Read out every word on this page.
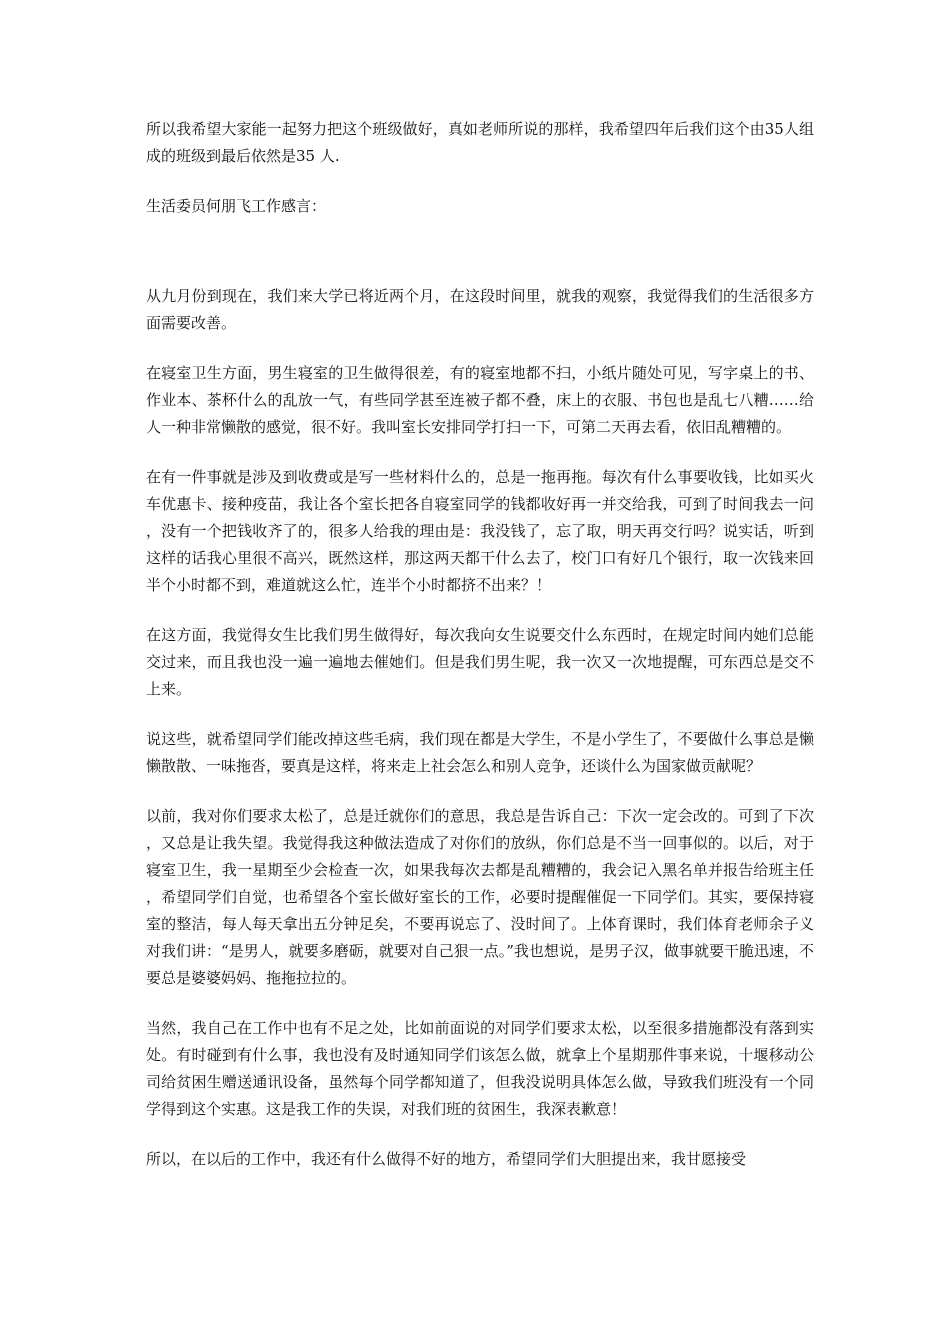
所以我希望大家能一起努力把这个班级做好，真如老师所说的那样，我希望四年后我们这个由35人组成的班级到最后依然是35 人.

生活委员何朋飞工作感言：

从九月份到现在，我们来大学已将近两个月，在这段时间里，就我的观察，我觉得我们的生活很多方面需要改善。

在寝室卫生方面，男生寝室的卫生做得很差，有的寝室地都不扫，小纸片随处可见，写字桌上的书、作业本、茶杯什么的乱放一气，有些同学甚至连被子都不叠，床上的衣服、书包也是乱七八糟……给人一种非常懒散的感觉，很不好。我叫室长安排同学打扫一下，可第二天再去看，依旧乱糟糟的。

在有一件事就是涉及到收费或是写一些材料什么的，总是一拖再拖。每次有什么事要收钱，比如买火车优惠卡、接种疫苗，我让各个室长把各自寝室同学的钱都收好再一并交给我，可到了时间我去一问，没有一个把钱收齐了的，很多人给我的理由是：我没钱了，忘了取，明天再交行吗？说实话，听到这样的话我心里很不高兴，既然这样，那这两天都干什么去了，校门口有好几个银行，取一次钱来回半个小时都不到，难道就这么忙，连半个小时都挤不出来？！

在这方面，我觉得女生比我们男生做得好，每次我向女生说要交什么东西时，在规定时间内她们总能交过来，而且我也没一遍一遍地去催她们。但是我们男生呢，我一次又一次地提醒，可东西总是交不上来。

说这些，就希望同学们能改掉这些毛病，我们现在都是大学生，不是小学生了，不要做什么事总是懒懒散散、一味拖沓，要真是这样，将来走上社会怎么和别人竞争，还谈什么为国家做贡献呢？

以前，我对你们要求太松了，总是迁就你们的意思，我总是告诉自己：下次一定会改的。可到了下次，又总是让我失望。我觉得我这种做法造成了对你们的放纵，你们总是不当一回事似的。以后，对于寝室卫生，我一星期至少会检查一次，如果我每次去都是乱糟糟的，我会记入黑名单并报告给班主任，希望同学们自觉，也希望各个室长做好室长的工作，必要时提醒催促一下同学们。其实，要保持寝室的整洁，每人每天拿出五分钟足矣，不要再说忘了、没时间了。上体育课时，我们体育老师余子义对我们讲：“是男人，就要多磨砺，就要对自己狠一点。”我也想说，是男子汉，做事就要干脆迅速，不要总是婆婆妈妈、拖拖拉拉的。

当然，我自己在工作中也有不足之处，比如前面说的对同学们要求太松，以至很多措施都没有落到实处。有时碰到有什么事，我也没有及时通知同学们该怎么做，就拿上个星期那件事来说，十堰移动公司给贫困生赠送通讯设备，虽然每个同学都知道了，但我没说明具体怎么做，导致我们班没有一个同学得到这个实惠。这是我工作的失误，对我们班的贫困生，我深表歉意！

所以，在以后的工作中，我还有什么做得不好的地方，希望同学们大胆提出来，我甘愿接受
